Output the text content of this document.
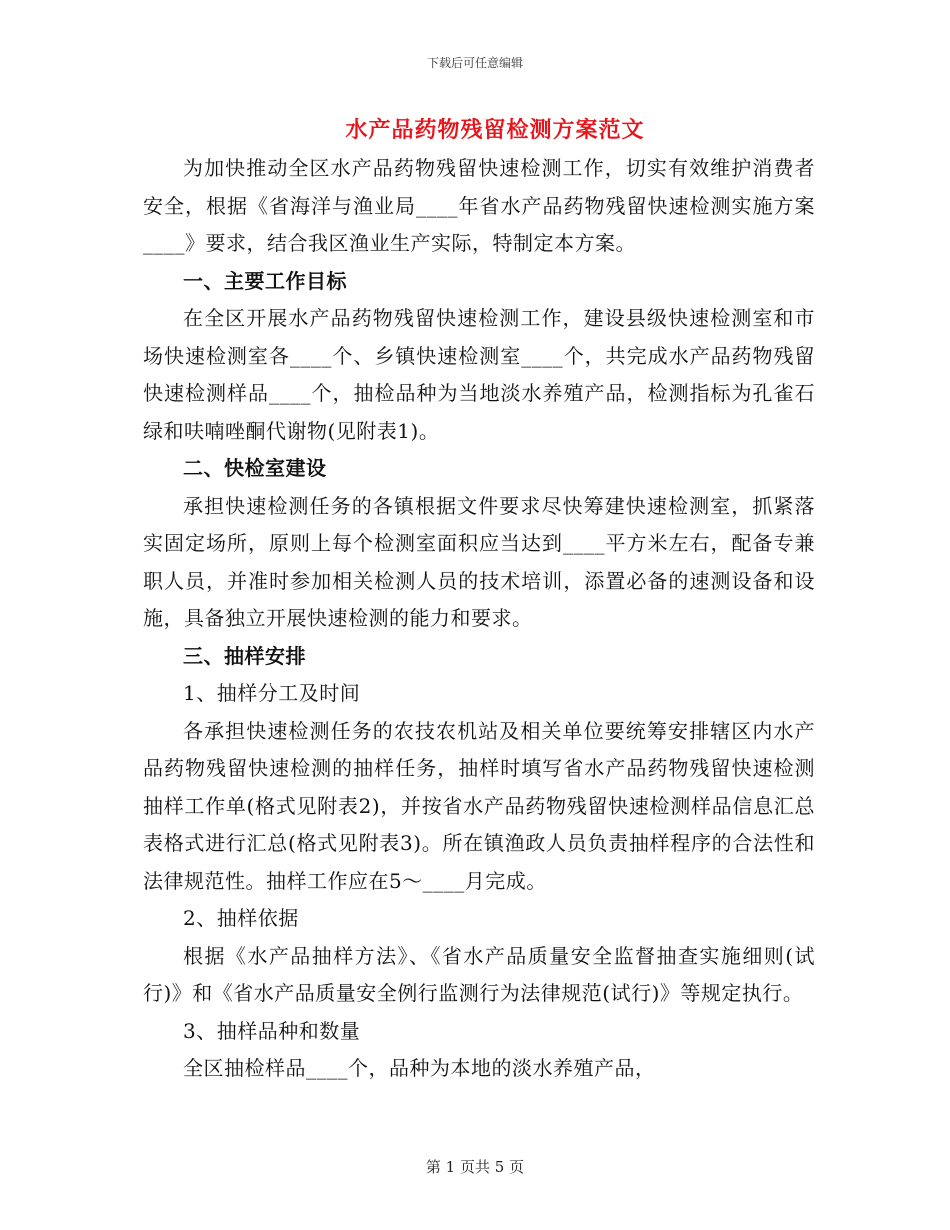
下载后可任意编辑
水产品药物残留检测方案范文

为加快推动全区水产品药物残留快速检测工作，切实有效维护消费者安全，根据《省海洋与渔业局____年省水产品药物残留快速检测实施方案____》要求，结合我区渔业生产实际，特制定本方案。

一、主要工作目标

在全区开展水产品药物残留快速检测工作，建设县级快速检测室和市场快速检测室各____个、乡镇快速检测室____个，共完成水产品药物残留快速检测样品____个，抽检品种为当地淡水养殖产品，检测指标为孔雀石绿和呋喃唑酮代谢物(见附表1)。

二、快检室建设

承担快速检测任务的各镇根据文件要求尽快筹建快速检测室，抓紧落实固定场所，原则上每个检测室面积应当达到____平方米左右，配备专兼职人员，并准时参加相关检测人员的技术培训，添置必备的速测设备和设施，具备独立开展快速检测的能力和要求。

三、抽样安排

1、抽样分工及时间

各承担快速检测任务的农技农机站及相关单位要统筹安排辖区内水产品药物残留快速检测的抽样任务，抽样时填写省水产品药物残留快速检测抽样工作单(格式见附表2)，并按省水产品药物残留快速检测样品信息汇总表格式进行汇总(格式见附表3)。所在镇渔政人员负责抽样程序的合法性和法律规范性。抽样工作应在5～____月完成。

2、抽样依据

根据《水产品抽样方法》、《省水产品质量安全监督抽查实施细则(试行)》和《省水产品质量安全例行监测行为法律规范(试行)》等规定执行。

3、抽样品种和数量

全区抽检样品____个，品种为本地的淡水养殖产品，

第 1 页共 5 页
